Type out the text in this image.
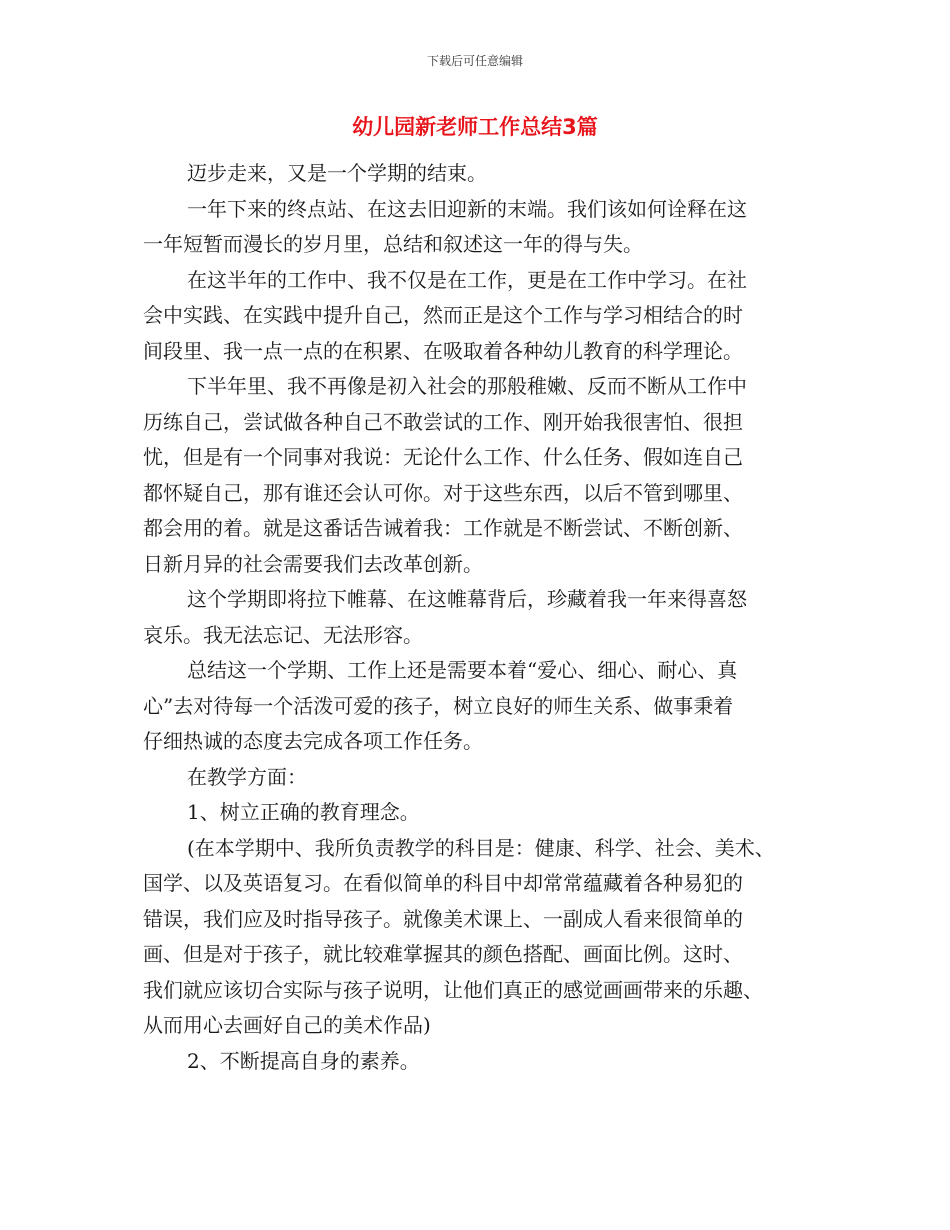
下载后可任意编辑
幼儿园新老师工作总结3篇

迈步走来，又是一个学期的结束。

一年下来的终点站、在这去旧迎新的末端。我们该如何诠释在这
一年短暂而漫长的岁月里，总结和叙述这一年的得与失。

在这半年的工作中、我不仅是在工作，更是在工作中学习。在社
会中实践、在实践中提升自己，然而正是这个工作与学习相结合的时
间段里、我一点一点的在积累、在吸取着各种幼儿教育的科学理论。

下半年里、我不再像是初入社会的那般稚嫩、反而不断从工作中
历练自己，尝试做各种自己不敢尝试的工作、刚开始我很害怕、很担
忧，但是有一个同事对我说：无论什么工作、什么任务、假如连自己
都怀疑自己，那有谁还会认可你。对于这些东西，以后不管到哪里、
都会用的着。就是这番话告诫着我：工作就是不断尝试、不断创新、
日新月异的社会需要我们去改革创新。

这个学期即将拉下帷幕、在这帷幕背后，珍藏着我一年来得喜怒
哀乐。我无法忘记、无法形容。

总结这一个学期、工作上还是需要本着“爱心、细心、耐心、真
心”去对待每一个活泼可爱的孩子，树立良好的师生关系、做事秉着
仔细热诚的态度去完成各项工作任务。

在教学方面：

1、树立正确的教育理念。

(在本学期中、我所负责教学的科目是：健康、科学、社会、美术、
国学、以及英语复习。在看似简单的科目中却常常蕴藏着各种易犯的
错误，我们应及时指导孩子。就像美术课上、一副成人看来很简单的
画、但是对于孩子，就比较难掌握其的颜色搭配、画面比例。这时、
我们就应该切合实际与孩子说明，让他们真正的感觉画画带来的乐趣、
从而用心去画好自己的美术作品)

2、不断提高自身的素养。
